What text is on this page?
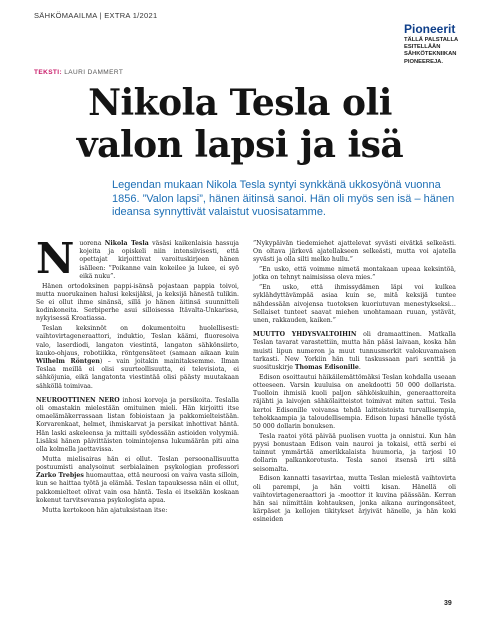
SÄHKÖMAAILMA | EXTRA 1/2021
Pioneerit
TÄLLÄ PALSTALLA ESITELLÄÄN SÄHKÖTEKNIIKAN PIONEEREJA.
TEKSTI: LAURI DAMMERT
Nikola Tesla oli
valon lapsi ja isä
Legendan mukaan Nikola Tesla syntyi synkkänä ukkosyönä vuonna 1856. ”Valon lapsi”, hänen äitinsä sanoi. Hän oli myös sen isä – hänen ideansa synnyttivät valaistut vuosisatamme.

Nuorena Nikola Tesla väsäsi kaikenlaisia hassuja kojeita ja opiskeli niin intensiivisesti, että opettajat kirjoittivat varoituskirjeen hänen isälleen: ”Poikanne vain kokeilee ja lukee, ei syö eikä nuku”.

Hänen ortodoksinen pappi-isänsä pojastaan pappia toivoi, mutta nuorukainen halusi keksijäksi, ja keksijä hänestä tulikin. Se ei ollut ihme sinänsä, sillä jo hänen äitinsä suunnitteli kodinkoneita. Serbiperhe asui silloisessa Itävalta-Unkarissa, nykyisessä Kroatiassa.

Teslan keksinnöt on dokumentoitu huolellisesti: vaihtovirtageneraattori, induktio, Teslan käämi, fluoresoiva valo, laserdiodi, langaton viestintä, langaton sähkönsiirto, kauko-ohjaus, robotiikka, röntgensäteet (samaan aikaan kuin Wilhelm Röntgen) – vain joitakin mainitaksemme. Ilman Teslaa meillä ei olisi suurteollisuutta, ei televisiota, ei sähköjunia, eikä langatonta viestintää olisi päästy muutakaan sähköllä toimivaa.

NEUROOTTINEN NERO inhosi korvoja ja persikoita. Teslalla oli omastakin mielestään omituinen mieli. Hän kirjoitti itse omaelämäkerrassaan listan fobioistaan ja pakkomielteistään. Korvarenkaat, helmet, ihmiskarvat ja persikat inhottivat häntä. Hän laski askeleensa ja mittaili syödessään astioiden volyymiä. Lisäksi hänen päivittäisten toimintojensa lukumäärän piti aina olla kolmella jaettavissa.

Mutta mielisairas hän ei ollut. Teslan persoonallisuutta postuumisti analysoinut serbialainen psykologian professori Zarko Trebjes huomauttaa, että neuroosi on vaiva vasta silloin, kun se haittaa työtä ja elämää. Teslan tapauksessa näin ei ollut, pakkomielteet olivat vain osa häntä. Tesla ei itsekään koskaan kokenut tarvitsevansa psykologista apua.

Mutta kertokoon hän ajatuksistaan itse:

”Nykypäivän tiedemiehet ajattelevat syvästi eivätkä selkeästi. On oltava järkevä ajatellakseen selkeästi, mutta voi ajatella syvästi ja olla silti melko hullu.”

”En usko, että voimme nimetä montakaan upeaa keksintöä, jotka on tehnyt naimisissa oleva mies.”

”En usko, että ihmissydämen läpi voi kulkea syklähdyttävämpää asiaa kuin se, mitä keksijä tuntee nähdessään aivojensa tuotoksen kuoriutuvan menestykseksi… Sellaiset tunteet saavat miehen unohtamaan ruuan, ystävät, unen, rakkauden, kaiken.”

MUUTTO YHDYSVALTOIHIN oli dramaattinen. Matkalla Teslan tavarat varastettiin, mutta hän pääsi laivaan, koska hän muisti lipun numeron ja muut tunnusmerkit valokuvamaisen tarkasti. New Yorkiin hän tuli taskussaan pari senttiä ja suosituskirje Thomas Edisonille.

Edison osoittautui häikäilemättömäksi Teslan kohdalla useaan otteeseen. Varsin kuuluisa on anekdootti 50 000 dollarista. Tuolloin ihmisiä kuoli paljon sähköiskuihin, generaattoreita räjähti ja laivojen sähkölaitteistot toimivat miten sattui. Tesla kertoi Edisonille voivansa tehdä laitteistoista turvallisempia, tehokkaampia ja taloudellisempia. Edison lupasi hänelle työstä 50 000 dollarin bonuksen.

Tesla raatoi yötä päivää puolisen vuotta ja onnistui. Kun hän pyysi bonustaan Edison vain nauroi ja tokaisi, että serbi ei tainnut ymmärtää amerikkalaista huumoria, ja tarjosi 10 dollarin palkankorotusta. Tesla sanoi itsensä irti siltä seisomalta.

Edison kannatti tasavirtaa, mutta Teslan mielestä vaihtovirta oli parempi, ja hän voitti kisan. Hänellä oli vaihtovirtageneraattori ja -moottor it kuvina päässään. Kerran hän sai niimittäin kohtauksen, jonka aikana auringonsäteet, kärpäset ja kellojen tikitykset ärjyivät hänelle, ja hän koki esineiden

39
